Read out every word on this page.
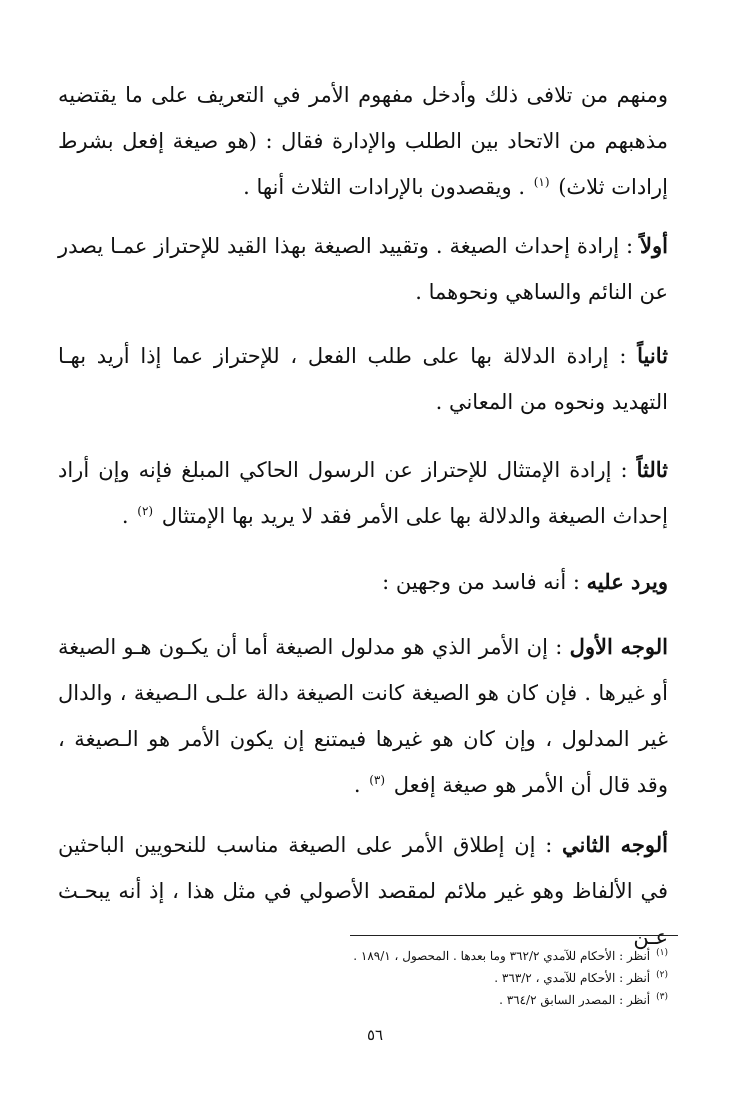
ومنهم من تلافى ذلك وأدخل مفهوم الأمر في التعريف على ما يقتضيه مذهبهم من الاتحاد بين الطلب والإدارة فقال : (هو صيغة إفعل بشرط إرادات ثلاث) $^{(١)}$ . ويقصدون بالإرادات الثلاث أنها .

أولاً : إرادة إحداث الصيغة . وتقييد الصيغة بهذا القيد للإحتراز عمـا يصدر عن النائم والساهي ونحوهما .

ثانياً : إرادة الدلالة بها على طلب الفعل ، للإحتراز عما إذا أريد بهـا التهديد ونحوه من المعاني .

ثالثاً : إرادة الإمتثال للإحتراز عن الرسول الحاكي المبلغ فإنه وإن أراد إحداث الصيغة والدلالة بها على الأمر فقد لا يريد بها الإمتثال $^{(٢)}$ .

ويرد عليه : أنه فاسد من وجهين :

الوجه الأول : إن الأمر الذي هو مدلول الصيغة أما أن يكـون هـو الصيغة أو غيرها . فإن كان هو الصيغة كانت الصيغة دالة علـى الـصيغة ، والدال غير المدلول ، وإن كان هو غيرها فيمتنع إن يكون الأمر هو الـصيغة ، وقد قال أن الأمر هو صيغة إفعل $^{(٣)}$ .

ألوجه الثاني : إن إطلاق الأمر على الصيغة مناسب للنحويين الباحثين في الألفاظ وهو غير ملائم لمقصد الأصولي في مثل هذا ، إذ أنه يبحـث عـن

$^{(١)}$أنظر : الأحكام للآمدي ٣٦٢/٢ وما بعدها . المحصول ، ١٨٩/١ .
$^{(٢)}$أنظر : الأحكام للآمدي ، ٣٦٣/٢ .
$^{(٣)}$أنظر : المصدر السابق ٣٦٤/٢ .
٥٦
